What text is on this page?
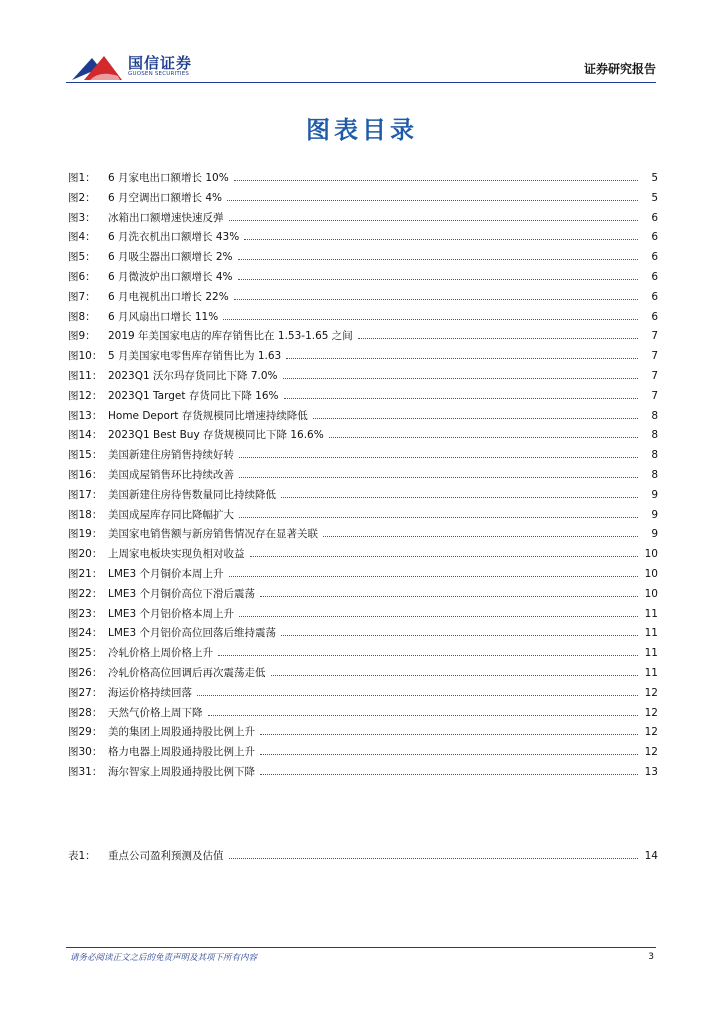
国信证券
GUOSEN SECURITIES	证券研究报告
图表目录
图1：	6 月家电出口额增长 10%	5
图2：	6 月空调出口额增长 4%	5
图3：	冰箱出口额增速快速反弹	6
图4：	6 月洗衣机出口额增长 43%	6
图5：	6 月吸尘器出口额增长 2%	6
图6：	6 月微波炉出口额增长 4%	6
图7：	6 月电视机出口增长 22%	6
图8：	6 月风扇出口增长 11%	6
图9：	2019 年美国家电店的库存销售比在 1.53-1.65 之间	7
图10： 5 月美国家电零售库存销售比为 1.63	7
图11： 2023Q1 沃尔玛存货同比下降 7.0%	7
图12： 2023Q1 Target 存货同比下降 16%	7
图13： Home Deport 存货规模同比增速持续降低	8
图14： 2023Q1 Best Buy 存货规模同比下降 16.6%	8
图15： 美国新建住房销售持续好转	8
图16： 美国成屋销售环比持续改善	8
图17： 美国新建住房待售数量同比持续降低	9
图18： 美国成屋库存同比降幅扩大	9
图19： 美国家电销售额与新房销售情况存在显著关联	9
图20： 上周家电板块实现负相对收益	10
图21： LME3 个月铜价本周上升	10
图22： LME3 个月铜价高位下滑后震荡	10
图23： LME3 个月铝价格本周上升	11
图24： LME3 个月铝价高位回落后维持震荡	11
图25： 冷轧价格上周价格上升	11
图26： 冷轧价格高位回调后再次震荡走低	11
图27： 海运价格持续回落	12
图28： 天然气价格上周下降	12
图29： 美的集团上周股通持股比例上升	12
图30： 格力电器上周股通持股比例上升	12
图31： 海尔智家上周股通持股比例下降	13
表1：	重点公司盈利预测及估值	14
请务必阅读正文之后的免责声明及其项下所有内容	3
